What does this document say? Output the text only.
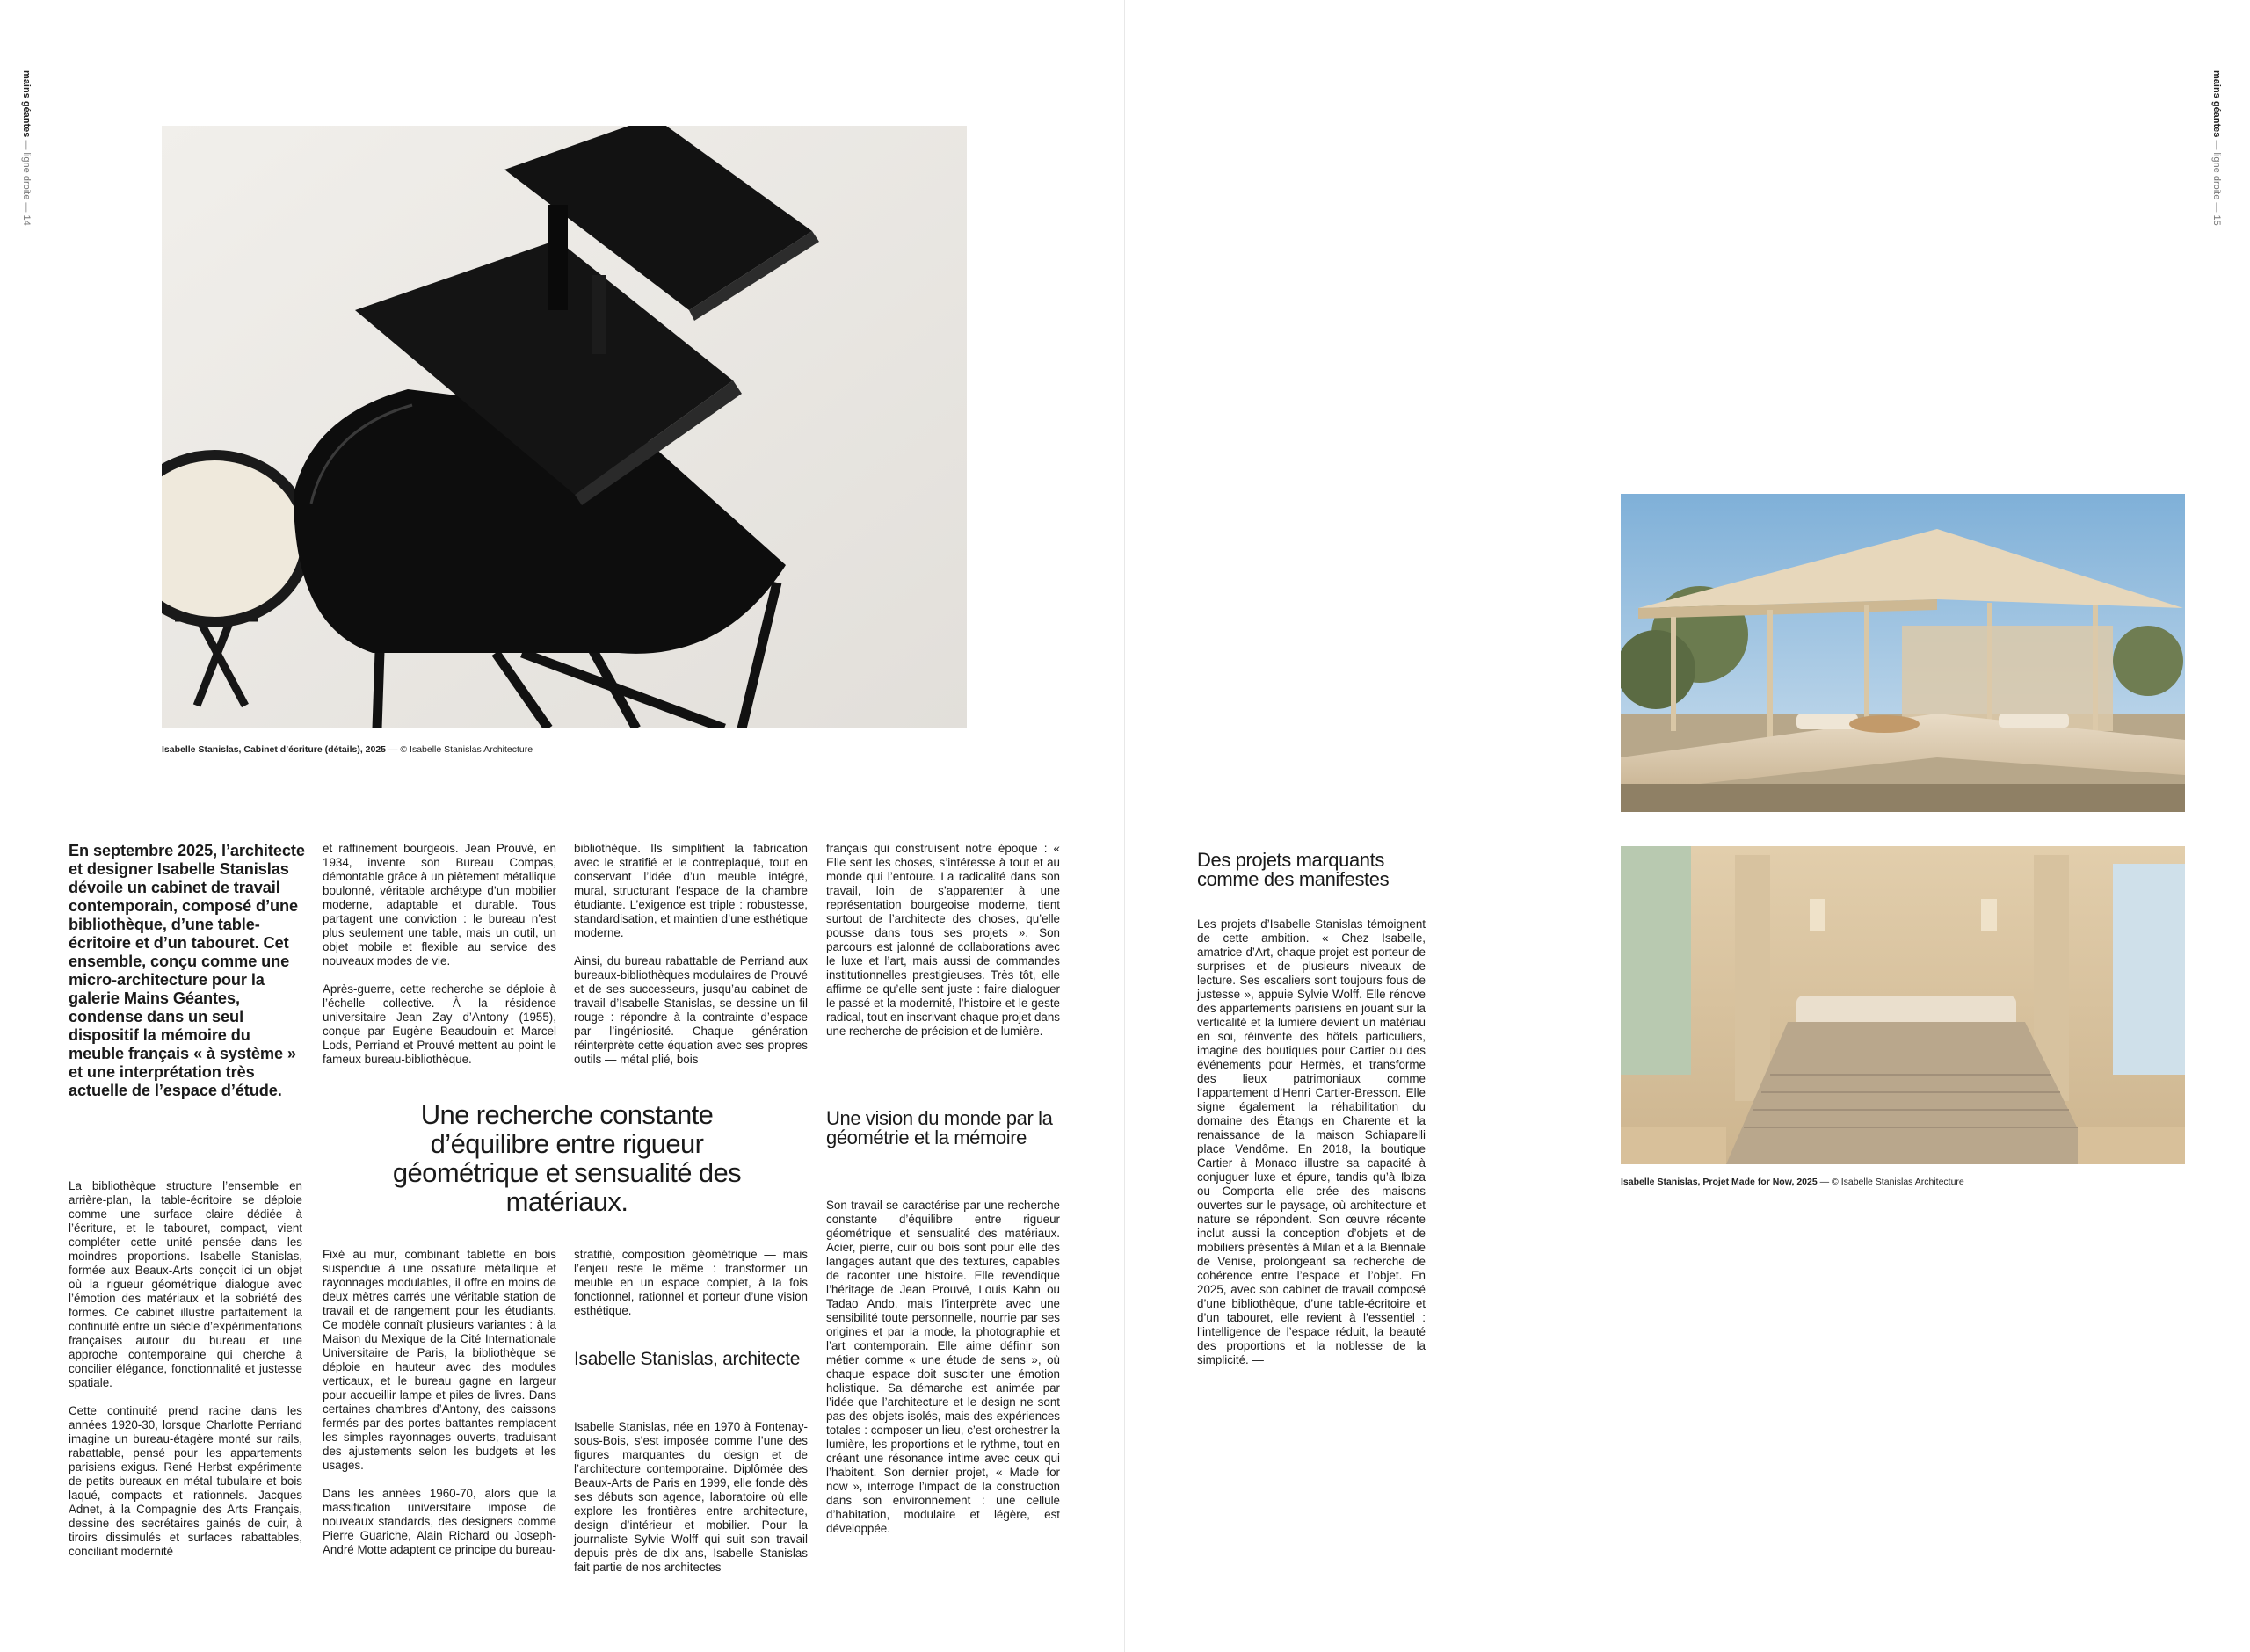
mains géantes — ligne droite — 14
Isabelle Stanislas, Cabinet d’écriture (détails), 2025 — © Isabelle Stanislas Architecture
En septembre 2025, l’architecte et designer Isabelle Stanislas dévoile un cabinet de travail contemporain, composé d’une bibliothèque, d’une table-écritoire et d’un tabouret. Cet ensemble, conçu comme une micro-architecture pour la galerie Mains Géantes, condense dans un seul dispositif la mémoire du meuble français « à système » et une interprétation très actuelle de l’espace d’étude.

La bibliothèque structure l’ensemble en arrière-plan, la table-écritoire se déploie comme une surface claire dédiée à l’écriture, et le tabouret, compact, vient compléter cette unité pensée dans les moindres proportions. Isabelle Stanislas, formée aux Beaux-Arts conçoit ici un objet où la rigueur géométrique dialogue avec l’émotion des matériaux et la sobriété des formes. Ce cabinet illustre parfaitement la continuité entre un siècle d’expérimentations françaises autour du bureau et une approche contemporaine qui cherche à concilier élégance, fonctionnalité et justesse spatiale.

Cette continuité prend racine dans les années 1920-30, lorsque Charlotte Perriand imagine un bureau-étagère monté sur rails, rabattable, pensé pour les appartements parisiens exigus. René Herbst expérimente de petits bureaux en métal tubulaire et bois laqué, compacts et rationnels. Jacques Adnet, à la Compagnie des Arts Français, dessine des secrétaires gainés de cuir, à tiroirs dissimulés et surfaces rabattables, conciliant modernité

et raffinement bourgeois. Jean Prouvé, en 1934, invente son Bureau Compas, démontable grâce à un piètement métallique boulonné, véritable archétype d’un mobilier moderne, adaptable et durable. Tous partagent une conviction : le bureau n’est plus seulement une table, mais un outil, un objet mobile et flexible au service des nouveaux modes de vie.

Après-guerre, cette recherche se déploie à l’échelle collective. À la résidence universitaire Jean Zay d’Antony (1955), conçue par Eugène Beaudouin et Marcel Lods, Perriand et Prouvé mettent au point le fameux bureau-bibliothèque.

bibliothèque. Ils simplifient la fabrication avec le stratifié et le contreplaqué, tout en conservant l’idée d’un meuble intégré, mural, structurant l’espace de la chambre étudiante. L’exigence est triple : robustesse, standardisation, et maintien d’une esthétique moderne.

Ainsi, du bureau rabattable de Perriand aux bureaux-bibliothèques modulaires de Prouvé et de ses successeurs, jusqu’au cabinet de travail d’Isabelle Stanislas, se dessine un fil rouge : répondre à la contrainte d’espace par l’ingéniosité. Chaque génération réinterprète cette équation avec ses propres outils — métal plié, bois

français qui construisent notre époque : « Elle sent les choses, s’intéresse à tout et au monde qui l’entoure. La radicalité dans son travail, loin de s’apparenter à une représentation bourgeoise moderne, tient surtout de l’architecte des choses, qu’elle pousse dans tous ses projets ». Son parcours est jalonné de collaborations avec le luxe et l’art, mais aussi de commandes institutionnelles prestigieuses. Très tôt, elle affirme ce qu’elle sent juste : faire dialoguer le passé et la modernité, l’histoire et le geste radical, tout en inscrivant chaque projet dans une recherche de précision et de lumière.

Une recherche constante d’équilibre entre rigueur géométrique et sensualité des matériaux.

Fixé au mur, combinant tablette en bois suspendue à une ossature métallique et rayonnages modulables, il offre en moins de deux mètres carrés une véritable station de travail et de rangement pour les étudiants. Ce modèle connaît plusieurs variantes : à la Maison du Mexique de la Cité Internationale Universitaire de Paris, la bibliothèque se déploie en hauteur avec des modules verticaux, et le bureau gagne en largeur pour accueillir lampe et piles de livres. Dans certaines chambres d’Antony, des caissons fermés par des portes battantes remplacent les simples rayonnages ouverts, traduisant des ajustements selon les budgets et les usages.

Dans les années 1960-70, alors que la massification universitaire impose de nouveaux standards, des designers comme Pierre Guariche, Alain Richard ou Joseph-André Motte adaptent ce principe du bureau-

stratifié, composition géométrique — mais l’enjeu reste le même : transformer un meuble en un espace complet, à la fois fonctionnel, rationnel et porteur d’une vision esthétique.

Isabelle Stanislas, architecte

Isabelle Stanislas, née en 1970 à Fontenay-sous-Bois, s’est imposée comme l’une des figures marquantes du design et de l’architecture contemporaine. Diplômée des Beaux-Arts de Paris en 1999, elle fonde dès ses débuts son agence, laboratoire où elle explore les frontières entre architecture, design d’intérieur et mobilier. Pour la journaliste Sylvie Wolff qui suit son travail depuis près de dix ans, Isabelle Stanislas fait partie de nos architectes

Une vision du monde par la géométrie et la mémoire

Son travail se caractérise par une recherche constante d’équilibre entre rigueur géométrique et sensualité des matériaux. Acier, pierre, cuir ou bois sont pour elle des langages autant que des textures, capables de raconter une histoire. Elle revendique l’héritage de Jean Prouvé, Louis Kahn ou Tadao Ando, mais l’interprète avec une sensibilité toute personnelle, nourrie par ses origines et par la mode, la photographie et l’art contemporain. Elle aime définir son métier comme « une étude de sens », où chaque espace doit susciter une émotion holistique. Sa démarche est animée par l’idée que l’architecture et le design ne sont pas des objets isolés, mais des expériences totales : composer un lieu, c’est orchestrer la lumière, les proportions et le rythme, tout en créant une résonance intime avec ceux qui l’habitent. Son dernier projet, « Made for now », interroge l’impact de la construction dans son environnement : une cellule d’habitation, modulaire et légère, est développée.

mains géantes — ligne droite — 15
Des projets marquants comme des manifestes

Les projets d’Isabelle Stanislas témoignent de cette ambition. « Chez Isabelle, amatrice d’Art, chaque projet est porteur de surprises et de plusieurs niveaux de lecture. Ses escaliers sont toujours fous de justesse », appuie Sylvie Wolff. Elle rénove des appartements parisiens en jouant sur la verticalité et la lumière devient un matériau en soi, réinvente des hôtels particuliers, imagine des boutiques pour Cartier ou des événements pour Hermès, et transforme des lieux patrimoniaux comme l’appartement d’Henri Cartier-Bresson. Elle signe également la réhabilitation du domaine des Étangs en Charente et la renaissance de la maison Schiaparelli place Vendôme. En 2018, la boutique Cartier à Monaco illustre sa capacité à conjuguer luxe et épure, tandis qu’à Ibiza ou Comporta elle crée des maisons ouvertes sur le paysage, où architecture et nature se répondent. Son œuvre récente inclut aussi la conception d’objets et de mobiliers présentés à Milan et à la Biennale de Venise, prolongeant sa recherche de cohérence entre l’espace et l’objet. En 2025, avec son cabinet de travail composé d’une bibliothèque, d’une table-écritoire et d’un tabouret, elle revient à l’essentiel : l’intelligence de l’espace réduit, la beauté des proportions et la noblesse de la simplicité. —

Isabelle Stanislas, Projet Made for Now, 2025 — © Isabelle Stanislas Architecture
